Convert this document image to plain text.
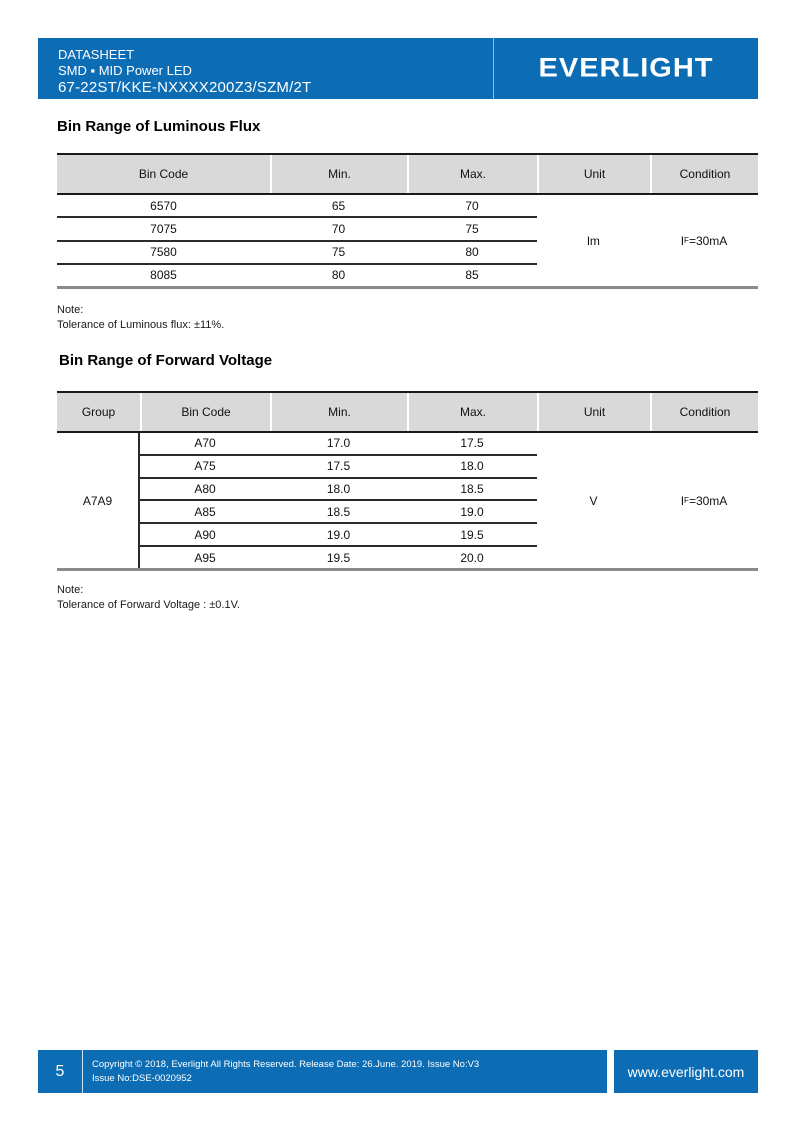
DATASHEET
SMD ▪ MID Power LED
67-22ST/KKE-NXXXX200Z3/SZM/2T
EVERLIGHT
Bin Range of Luminous Flux
Bin Code	Min.	Max.	Unit	Condition
6570	65	70
7075	70	75
7580	75	80
8085	80	85
lm	I F =30mA
Note:
Tolerance of Luminous flux: ±11%.
Bin Range of Forward Voltage
Group	Bin Code	Min.	Max.	Unit	Condition
A7A9
A70	17.0	17.5
A75	17.5	18.0
A80	18.0	18.5
A85	18.5	19.0
A90	19.0	19.5
A95	19.5	20.0
V	I F =30mA
Note:
Tolerance of Forward Voltage : ±0.1V.
5	Copyright © 2018, Everlight All Rights Reserved. Release Date: 26.June. 2019. Issue No:V3
Issue No:DSE-0020952	www.everlight.com
